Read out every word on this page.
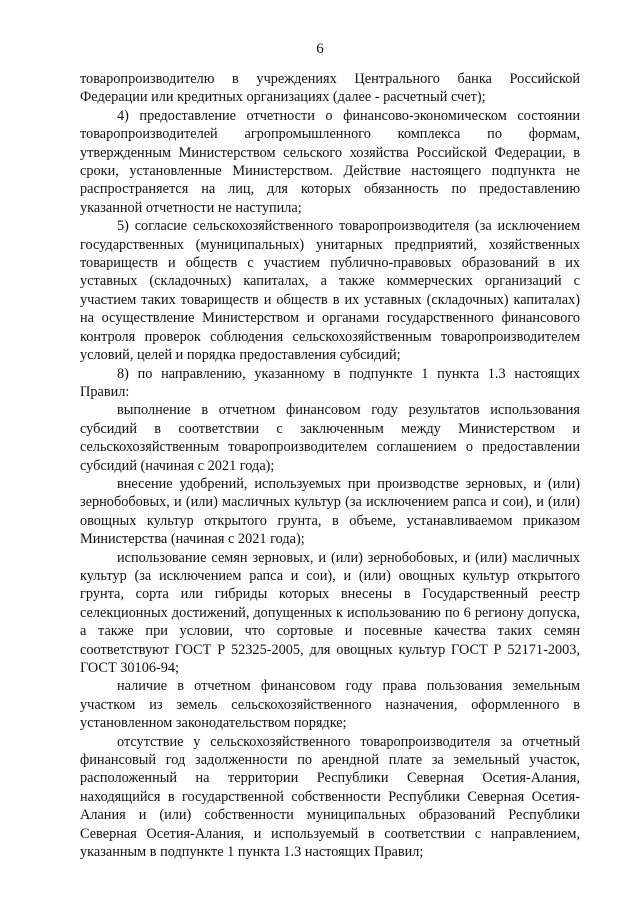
6

товаропроизводителю в учреждениях Центрального банка Российской Федерации или кредитных организациях (далее - расчетный счет);

4) предоставление отчетности о финансово-экономическом состоянии товаропроизводителей агропромышленного комплекса по формам, утвержденным Министерством сельского хозяйства Российской Федерации, в сроки, установленные Министерством. Действие настоящего подпункта не распространяется на лиц, для которых обязанность по предоставлению указанной отчетности не наступила;

5) согласие сельскохозяйственного товаропроизводителя (за исключением государственных (муниципальных) унитарных предприятий, хозяйственных товариществ и обществ с участием публично-правовых образований в их уставных (складочных) капиталах, а также коммерческих организаций с участием таких товариществ и обществ в их уставных (складочных) капиталах) на осуществление Министерством и органами государственного финансового контроля проверок соблюдения сельскохозяйственным товаропроизводителем условий, целей и порядка предоставления субсидий;

8) по направлению, указанному в подпункте 1 пункта 1.3 настоящих Правил:

выполнение в отчетном финансовом году результатов использования субсидий в соответствии с заключенным между Министерством и сельскохозяйственным товаропроизводителем соглашением о предоставлении субсидий (начиная с 2021 года);

внесение удобрений, используемых при производстве зерновых, и (или) зернобобовых, и (или) масличных культур (за исключением рапса и сои), и (или) овощных культур открытого грунта, в объеме, устанавливаемом приказом Министерства (начиная с 2021 года);

использование семян зерновых, и (или) зернобобовых, и (или) масличных культур (за исключением рапса и сои), и (или) овощных культур открытого грунта, сорта или гибриды которых внесены в Государственный реестр селекционных достижений, допущенных к использованию по 6 региону допуска, а также при условии, что сортовые и посевные качества таких семян соответствуют ГОСТ Р 52325-2005, для овощных культур ГОСТ Р 52171-2003, ГОСТ 30106-94;

наличие в отчетном финансовом году права пользования земельным участком из земель сельскохозяйственного назначения, оформленного в установленном законодательством порядке;

отсутствие у сельскохозяйственного товаропроизводителя за отчетный финансовый год задолженности по арендной плате за земельный участок, расположенный на территории Республики Северная Осетия-Алания, находящийся в государственной собственности Республики Северная Осетия-Алания и (или) собственности муниципальных образований Республики Северная Осетия-Алания, и используемый в соответствии с направлением, указанным в подпункте 1 пункта 1.3 настоящих Правил;
